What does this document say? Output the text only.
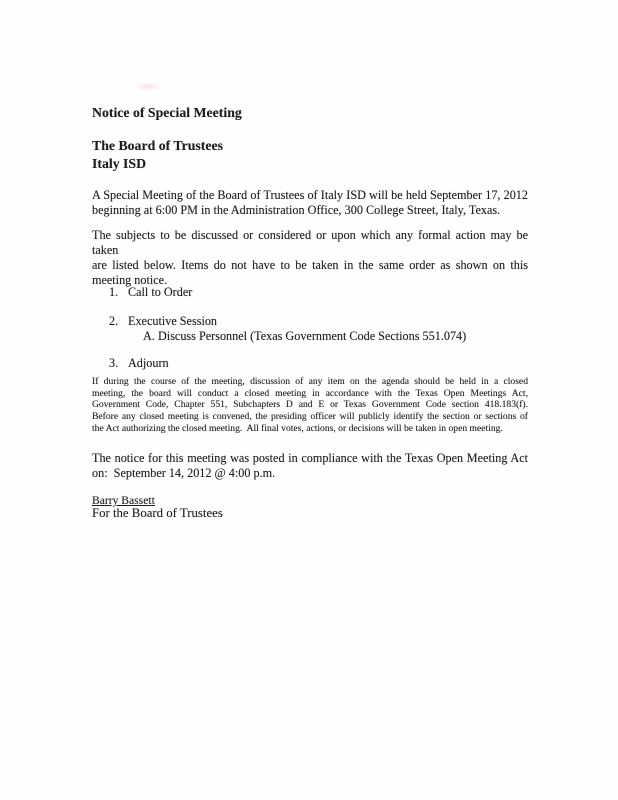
Notice of Special Meeting
The Board of Trustees
Italy ISD
A Special Meeting of the Board of Trustees of Italy ISD will be held September 17, 2012
beginning at 6:00 PM in the Administration Office, 300 College Street, Italy, Texas.
The subjects to be discussed or considered or upon which any formal action may be taken
are listed below. Items do not have to be taken in the same order as shown on this
meeting notice.
1. Call to Order
2. Executive Session
A. Discuss Personnel (Texas Government Code Sections 551.074)
3. Adjourn
If during the course of the meeting, discussion of any item on the agenda should be held in a closed
meeting, the board will conduct a closed meeting in accordance with the Texas Open Meetings Act,
Government Code, Chapter 551, Subchapters D and E or Texas Government Code section 418.183(f).
Before any closed meeting is convened, the presiding officer will publicly identify the section or sections of
the Act authorizing the closed meeting.  All final votes, actions, or decisions will be taken in open meeting.
The notice for this meeting was posted in compliance with the Texas Open Meeting Act
on:  September 14, 2012 @ 4:00 p.m.
Barry Bassett
For the Board of Trustees
